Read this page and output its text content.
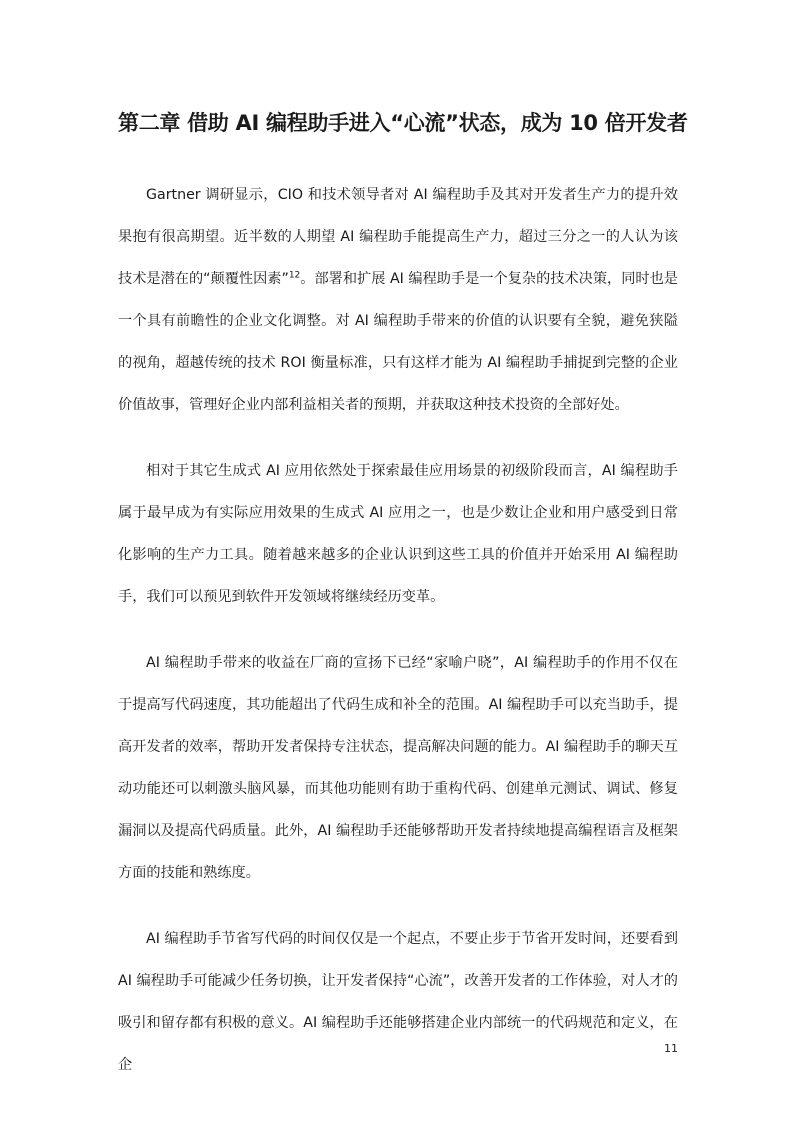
第二章 借助 AI 编程助手进入“心流”状态，成为 10 倍开发者

Gartner 调研显示，CIO 和技术领导者对 AI 编程助手及其对开发者生产力的提升效果抱有很高期望。近半数的人期望 AI 编程助手能提高生产力，超过三分之一的人认为该技术是潜在的“颠覆性因素”$^{12}$。部署和扩展 AI 编程助手是一个复杂的技术决策，同时也是一个具有前瞻性的企业文化调整。对 AI 编程助手带来的价值的认识要有全貌，避免狭隘的视角，超越传统的技术 ROI 衡量标准，只有这样才能为 AI 编程助手捕捉到完整的企业价值故事，管理好企业内部利益相关者的预期，并获取这种技术投资的全部好处。

相对于其它生成式 AI 应用依然处于探索最佳应用场景的初级阶段而言，AI 编程助手属于最早成为有实际应用效果的生成式 AI 应用之一，也是少数让企业和用户感受到日常化影响的生产力工具。随着越来越多的企业认识到这些工具的价值并开始采用 AI 编程助手，我们可以预见到软件开发领域将继续经历变革。

AI 编程助手带来的收益在厂商的宣扬下已经“家喻户晓”，AI 编程助手的作用不仅在于提高写代码速度，其功能超出了代码生成和补全的范围。AI 编程助手可以充当助手，提高开发者的效率，帮助开发者保持专注状态，提高解决问题的能力。AI 编程助手的聊天互动功能还可以刺激头脑风暴，而其他功能则有助于重构代码、创建单元测试、调试、修复漏洞以及提高代码质量。此外，AI 编程助手还能够帮助开发者持续地提高编程语言及框架方面的技能和熟练度。

AI 编程助手节省写代码的时间仅仅是一个起点，不要止步于节省开发时间，还要看到 AI 编程助手可能减少任务切换，让开发者保持“心流”，改善开发者的工作体验，对人才的吸引和留存都有积极的意义。AI 编程助手还能够搭建企业内部统一的代码规范和定义，在企

11
